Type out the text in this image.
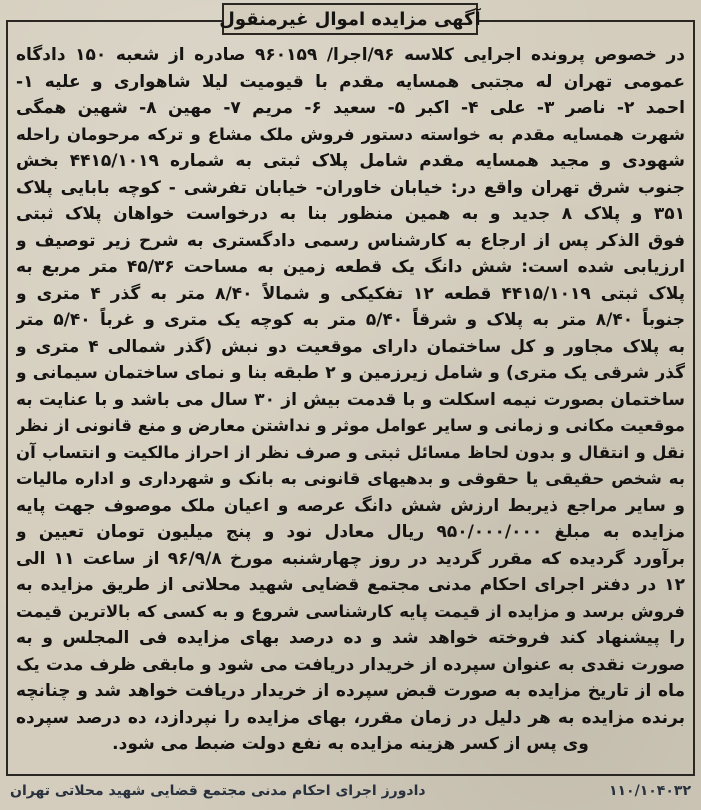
آگهی مزایده اموال غیرمنقول
در خصوص پرونده اجرایی کلاسه ۹۶/اجرا/ ۹۶۰۱۵۹ صادره از شعبه ۱۵۰ دادگاه
عمومی تهران له مجتبی همسایه مقدم با قیومیت لیلا شاهواری و علیه ۱-
احمد ۲- ناصر ۳- علی ۴- اکبر ۵- سعید ۶- مریم ۷- مهین ۸- شهین همگی
شهرت همسایه مقدم به خواسته دستور فروش ملک مشاع و ترکه مرحومان راحله
شهودی و مجید همسایه مقدم شامل پلاک ثبتی به شماره ۴۴۱۵/۱۰۱۹ بخش
جنوب شرق تهران واقع در: خیابان خاوران- خیابان تفرشی - کوچه بابایی پلاک
۳۵۱ و پلاک ۸ جدید و به همین منظور بنا به درخواست خواهان پلاک ثبتی
فوق الذکر پس از ارجاع به کارشناس رسمی دادگستری به شرح زیر توصیف و
ارزیابی شده است: شش دانگ یک قطعه زمین به مساحت ۴۵/۳۶ متر مربع به
پلاک ثبتی ۴۴۱۵/۱۰۱۹ قطعه ۱۲ تفکیکی و شمالاً ۸/۴۰ متر به گذر ۴ متری و
جنوباً ۸/۴۰ متر به پلاک و شرقاً ۵/۴۰ متر به کوچه یک متری و غرباً ۵/۴۰ متر
به پلاک مجاور و کل ساختمان دارای موقعیت دو نبش (گذر شمالی ۴ متری و
گذر شرقی یک متری) و شامل زیرزمین و ۲ طبقه بنا و نمای ساختمان سیمانی و
ساختمان بصورت نیمه اسکلت و با قدمت بیش از ۳۰ سال می باشد و با عنایت به
موقعیت مکانی و زمانی و سایر عوامل موثر و نداشتن معارض و منع قانونی از نظر
نقل و انتقال و بدون لحاظ مسائل ثبتی و صرف نظر از احراز مالکیت و انتساب آن
به شخص حقیقی یا حقوقی و بدهیهای قانونی به بانک و شهرداری و اداره مالیات
و سایر مراجع ذیربط ارزش شش دانگ عرصه و اعیان ملک موصوف جهت پایه
مزایده به مبلغ ۹۵۰/۰۰۰/۰۰۰ ریال معادل نود و پنج میلیون تومان تعیین و
برآورد گردیده که مقرر گردید در روز چهارشنبه مورخ ۹۶/۹/۸ از ساعت ۱۱ الی
۱۲ در دفتر اجرای احکام مدنی مجتمع قضایی شهید محلاتی از طریق مزایده به
فروش برسد و مزایده از قیمت پایه کارشناسی شروع و به کسی که بالاترین قیمت
را پیشنهاد کند فروخته خواهد شد و ده درصد بهای مزایده فی المجلس و به
صورت نقدی به عنوان سپرده از خریدار دریافت می شود و مابقی ظرف مدت یک
ماه از تاریخ مزایده به صورت قبض سپرده از خریدار دریافت خواهد شد و چنانچه
برنده مزایده به هر دلیل در زمان مقرر، بهای مزایده را نپردازد، ده درصد سپرده
وی پس از کسر هزینه مزایده به نفع دولت ضبط می شود.
دادورز اجرای احکام مدنی مجتمع قضایی شهید محلاتی تهران	۱۱۰/۱۰۴۰۳۲
